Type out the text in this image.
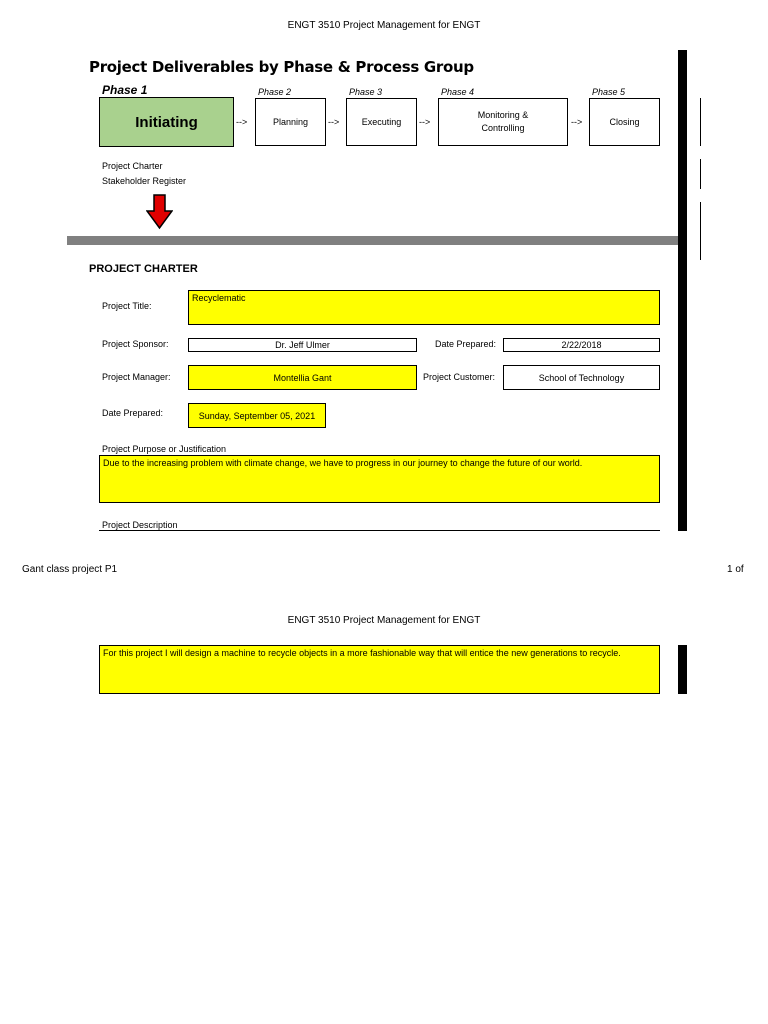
ENGT 3510 Project Management for ENGT
Project Deliverables by Phase & Process Group
Phase 1	Phase 2	Phase 3	Phase 4	Phase 5
Initiating	-->	Planning --> Executing -->
Monitoring & Controlling
-->	Closing
Project Charter
Stakeholder Register
PROJECT CHARTER
Project Title:
Recyclematic
Project Sponsor:	Dr. Jeff Ulmer	Date Prepared:	2/22/2018
Project Manager:	Montellia Gant	Project Customer:	School of Technology
Date Prepared:	Sunday, September 05, 2021
Project Purpose or Justification
Due to the increasing problem with climate change, we have to progress in our journey to change the future of our world.
Project Description
Gant class project P1	1 of
ENGT 3510 Project Management for ENGT
For this project I will design a machine to recycle objects in a more fashionable way that will entice the new generations to recycle.
